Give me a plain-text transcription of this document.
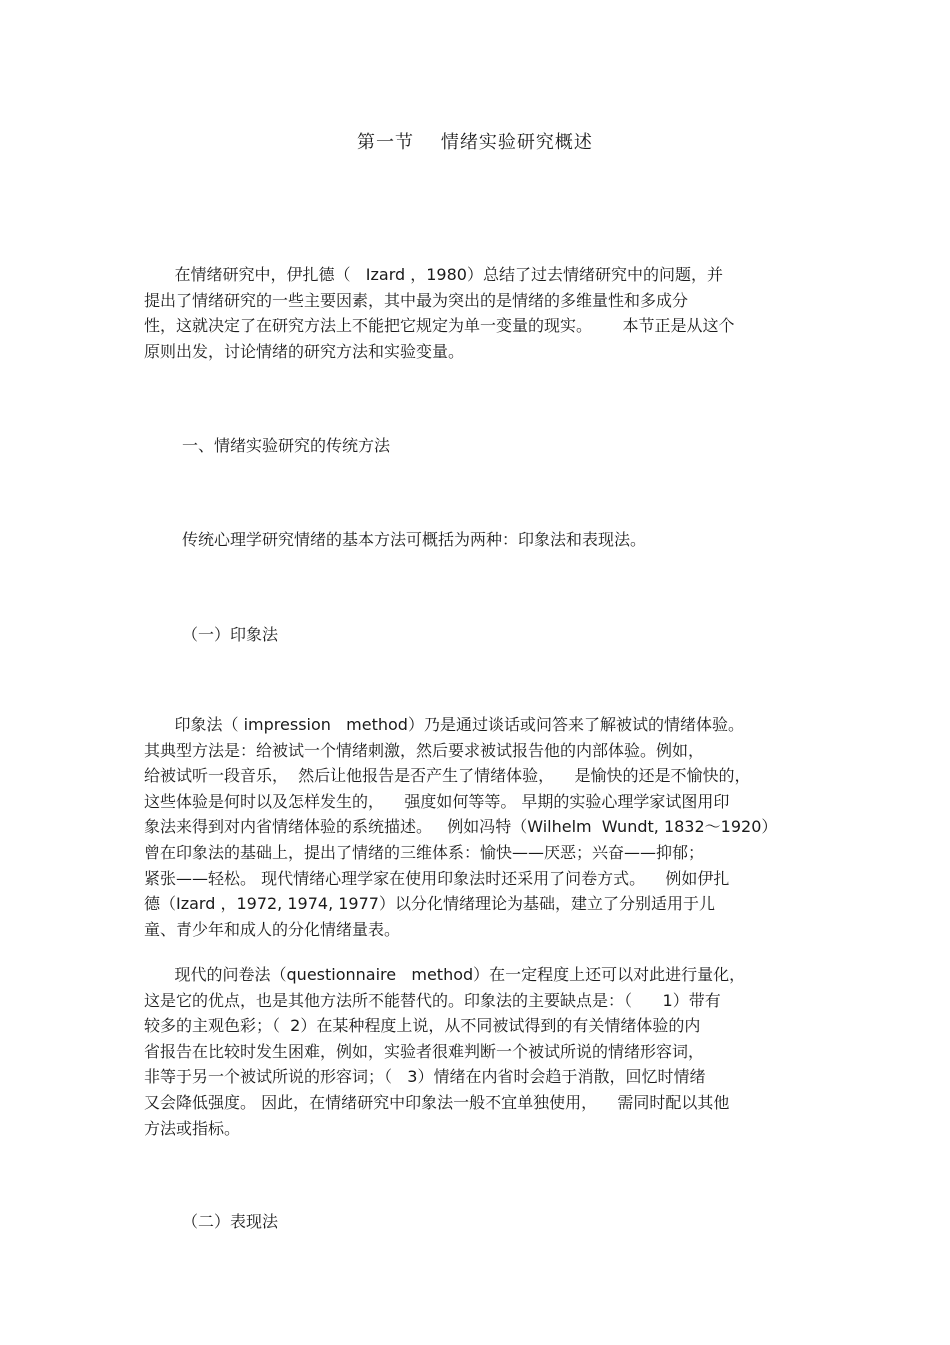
第一节    情绪实验研究概述
在情绪研究中，伊扎德（   Izard ，1980）总结了过去情绪研究中的问题，并
提出了情绪研究的一些主要因素，其中最为突出的是情绪的多维量性和多成分
性，这就决定了在研究方法上不能把它规定为单一变量的现实。      本节正是从这个
原则出发，讨论情绪的研究方法和实验变量。
一、情绪实验研究的传统方法
传统心理学研究情绪的基本方法可概括为两种：印象法和表现法。
（一）印象法
印象法（ impression   method）乃是通过谈话或问答来了解被试的情绪体验。
其典型方法是：给被试一个情绪刺激，然后要求被试报告他的内部体验。例如，
给被试听一段音乐，  然后让他报告是否产生了情绪体验，    是愉快的还是不愉快的，
这些体验是何时以及怎样发生的，    强度如何等等。 早期的实验心理学家试图用印
象法来得到对内省情绪体验的系统描述。   例如冯特（Wilhelm  Wundt, 1832～1920）
曾在印象法的基础上，提出了情绪的三维体系：愉快——厌恶；兴奋——抑郁；
紧张——轻松。 现代情绪心理学家在使用印象法时还采用了问卷方式。    例如伊扎
德（Izard ，1972, 1974, 1977）以分化情绪理论为基础，建立了分别适用于儿
童、青少年和成人的分化情绪量表。
现代的问卷法（questionnaire   method）在一定程度上还可以对此进行量化，
这是它的优点，也是其他方法所不能替代的。印象法的主要缺点是：（      1）带有
较多的主观色彩；（  2）在某种程度上说，从不同被试得到的有关情绪体验的内
省报告在比较时发生困难，例如，实验者很难判断一个被试所说的情绪形容词，
非等于另一个被试所说的形容词；（   3）情绪在内省时会趋于消散，回忆时情绪
又会降低强度。 因此，在情绪研究中印象法一般不宜单独使用，    需同时配以其他
方法或指标。
（二）表现法
